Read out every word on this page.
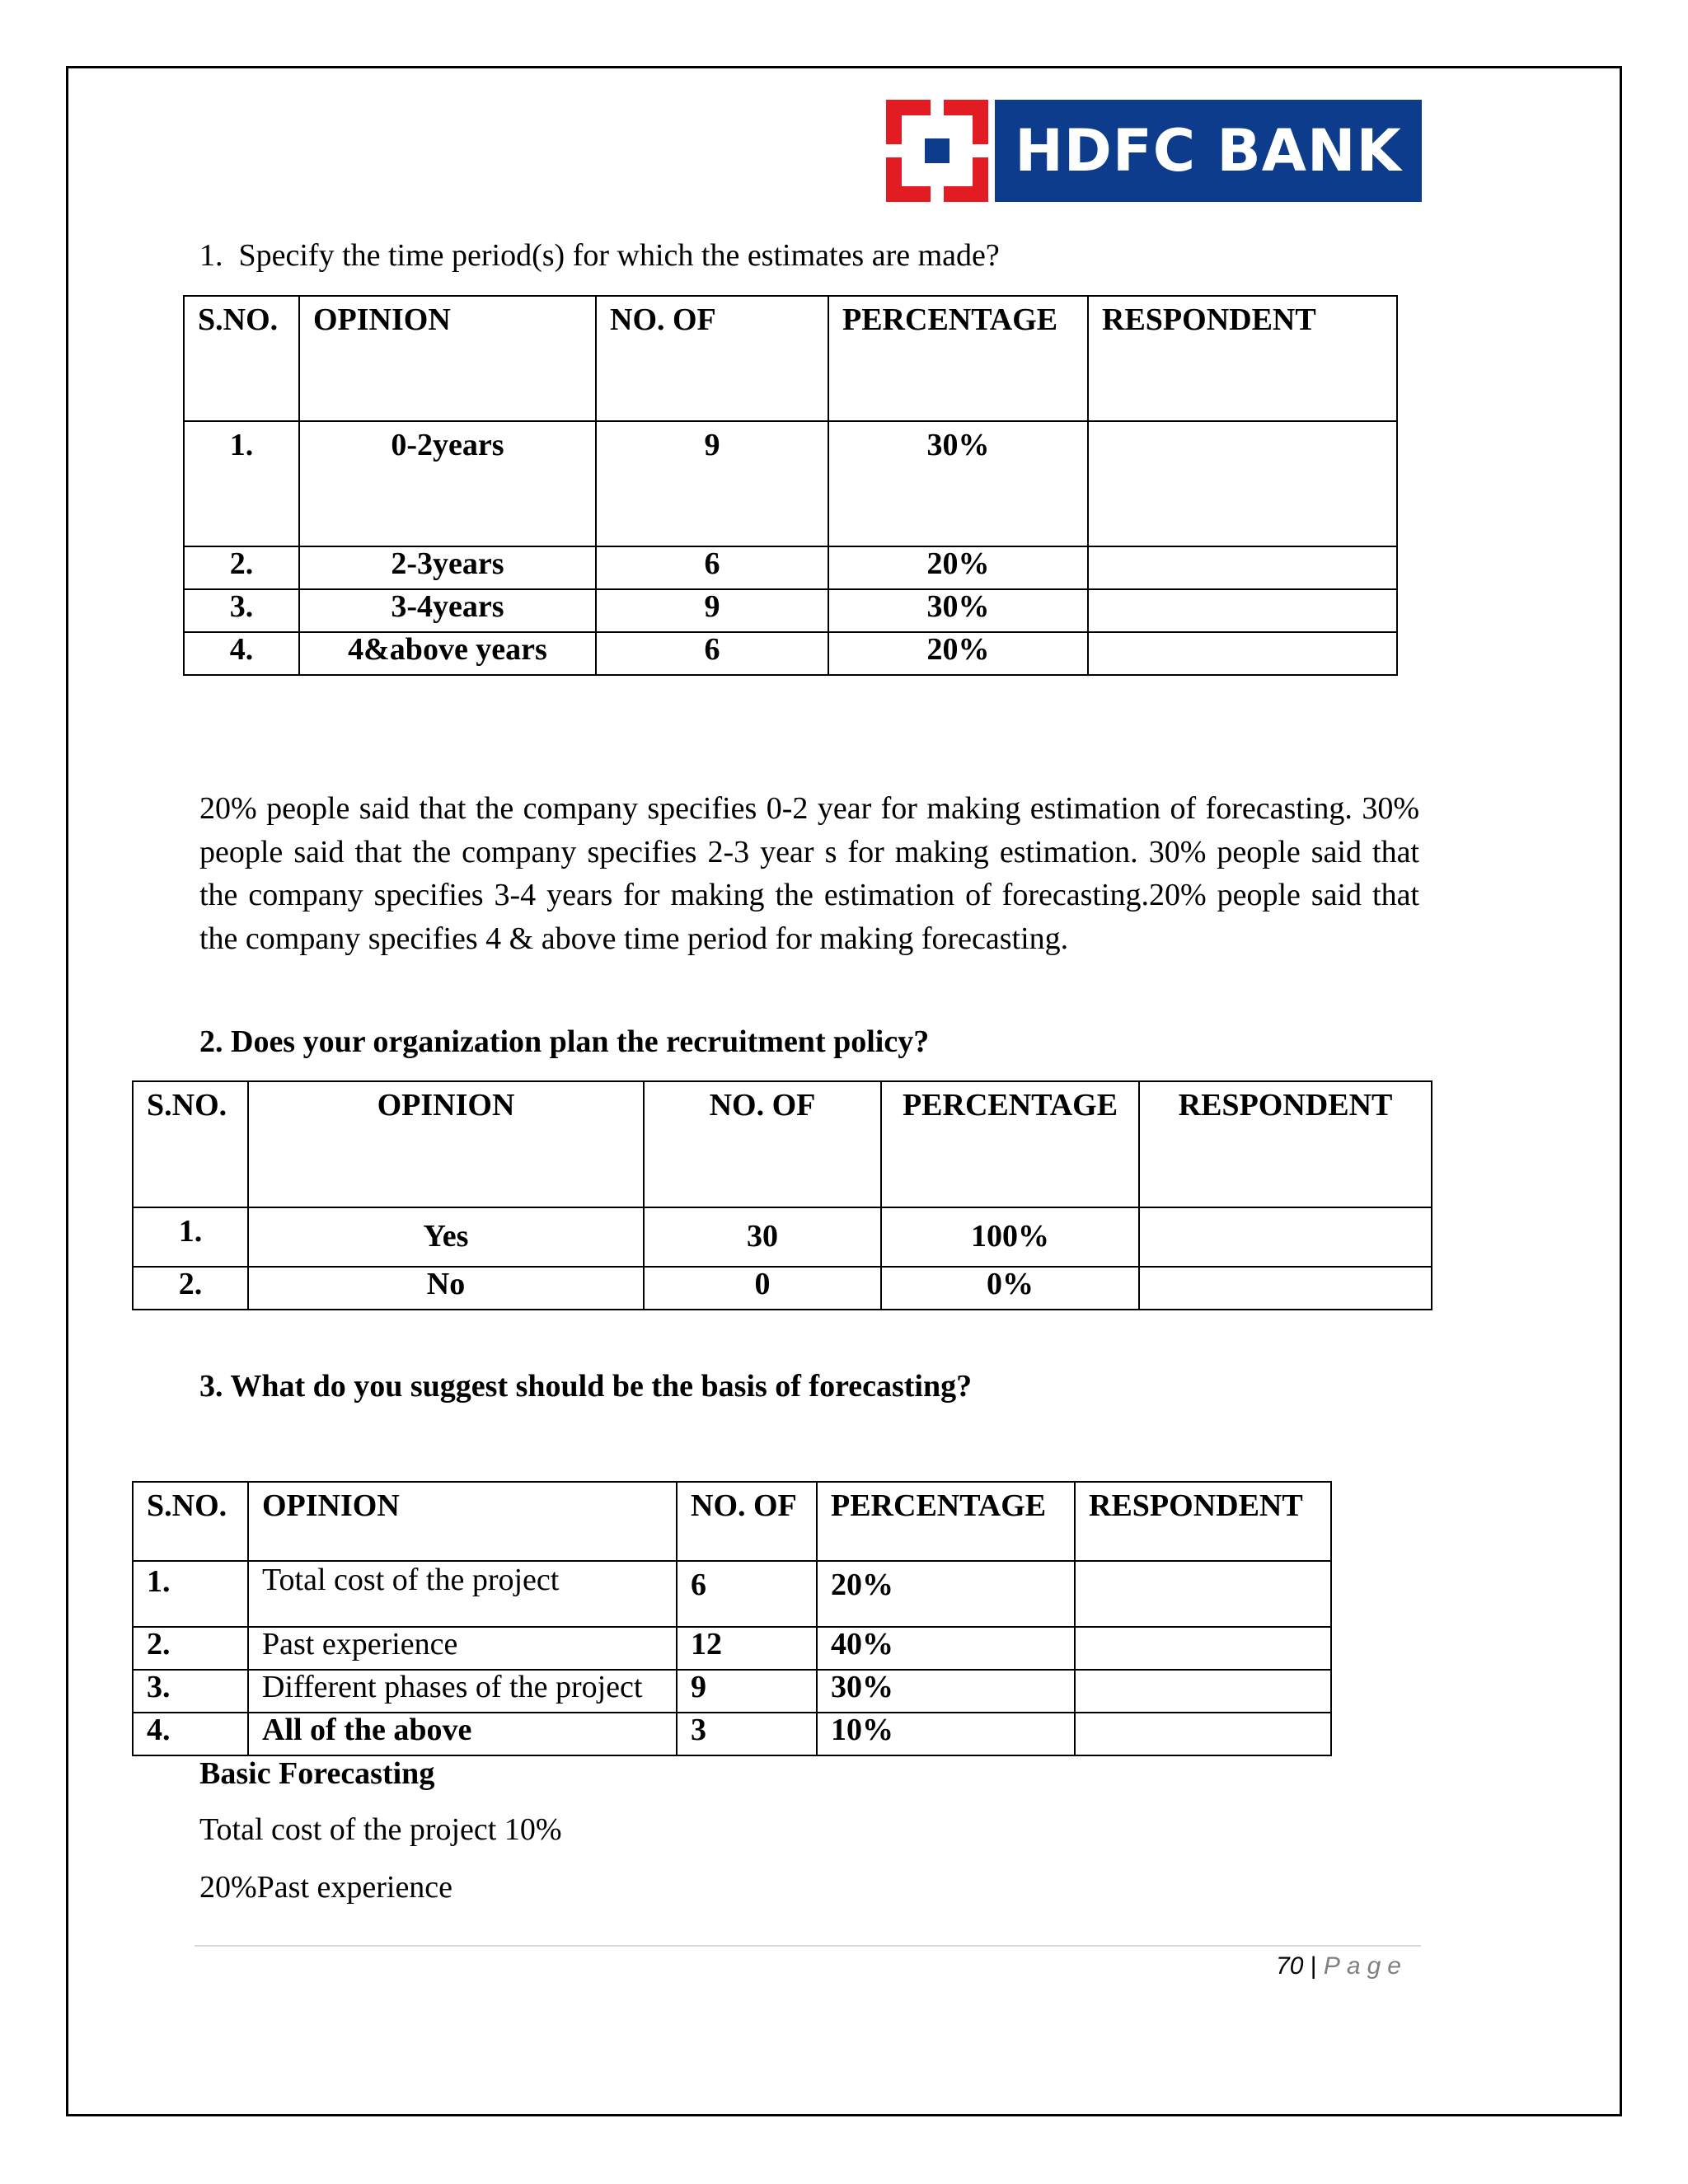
HDFC BANK
1. Specify the time period(s) for which the estimates are made?
S.NO.	OPINION	NO. OF	PERCENTAGE	RESPONDENT
1.	0-2years	9	30%	
2.	2-3years	6	20%	
3.	3-4years	9	30%	
4.	4&above years	6	20%	
20% people said that the company specifies 0-2 year for making estimation of forecasting. 30% people said that the company specifies 2-3 year s for making estimation. 30% people said that the company specifies 3-4 years for making the estimation of forecasting.20% people said that the company specifies 4 & above time period for making forecasting.
2. Does your organization plan the recruitment policy?
S.NO.	OPINION	NO. OF	PERCENTAGE	RESPONDENT
1.	Yes	30	100%	
2.	No	0	0%	
3. What do you suggest should be the basis of forecasting?
S.NO.	OPINION	NO. OF	PERCENTAGE	RESPONDENT
1.	Total cost of the project	6	20%	
2.	Past experience	12	40%	
3.	Different phases of the project	9	30%	
4.	All of the above	3	10%	
Basic Forecasting
Total cost of the project 10%
20%Past experience
70 | Page
